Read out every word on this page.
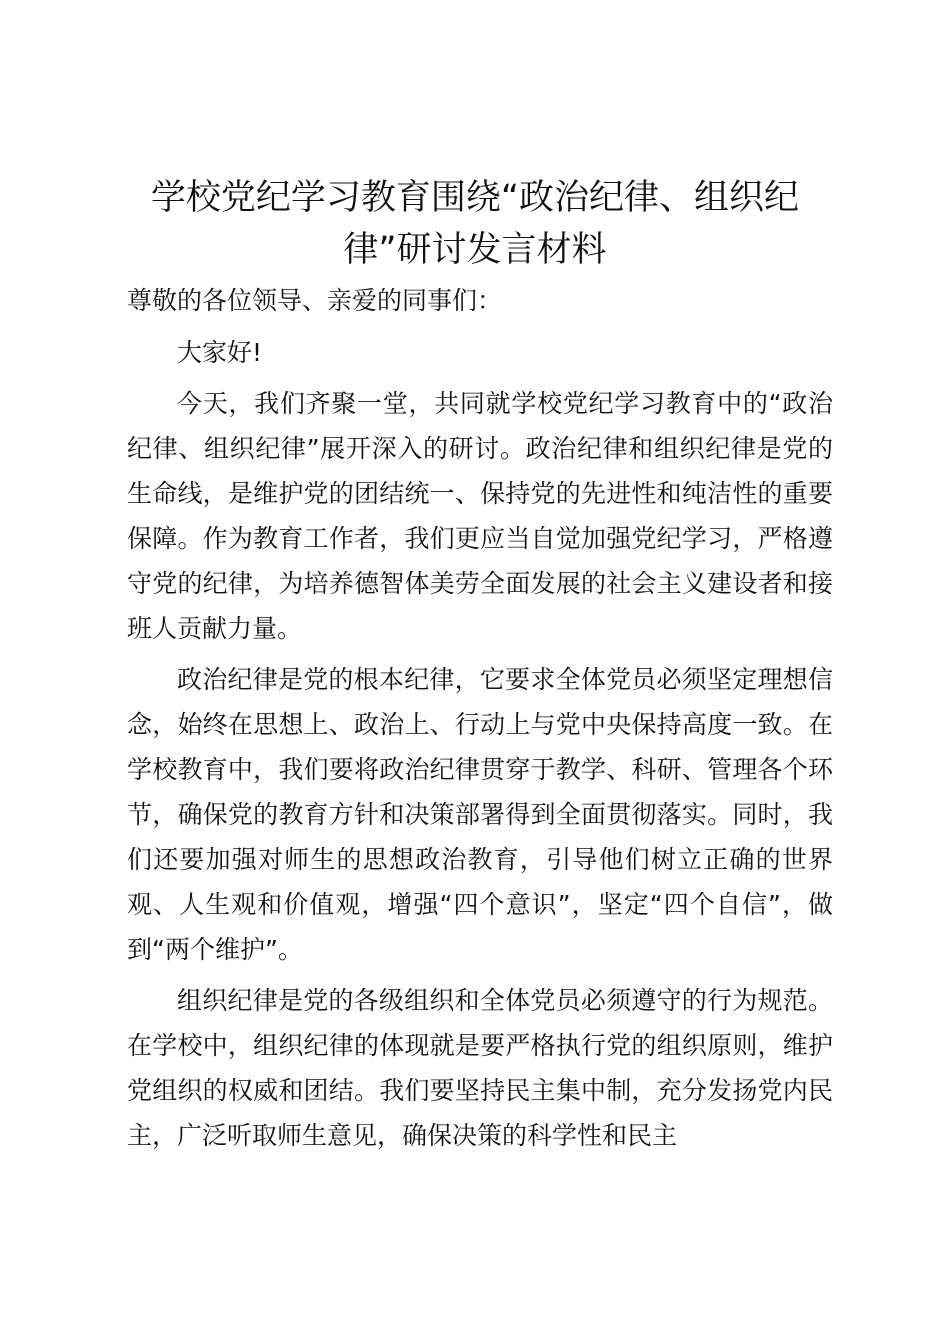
学校党纪学习教育围绕“政治纪律、组织纪律”研讨发言材料

尊敬的各位领导、亲爱的同事们：

大家好!

今天，我们齐聚一堂，共同就学校党纪学习教育中的“政治纪律、组织纪律”展开深入的研讨。政治纪律和组织纪律是党的生命线，是维护党的团结统一、保持党的先进性和纯洁性的重要保障。作为教育工作者，我们更应当自觉加强党纪学习，严格遵守党的纪律，为培养德智体美劳全面发展的社会主义建设者和接班人贡献力量。

政治纪律是党的根本纪律，它要求全体党员必须坚定理想信念，始终在思想上、政治上、行动上与党中央保持高度一致。在学校教育中，我们要将政治纪律贯穿于教学、科研、管理各个环节，确保党的教育方针和决策部署得到全面贯彻落实。同时，我们还要加强对师生的思想政治教育，引导他们树立正确的世界观、人生观和价值观，增强“四个意识”，坚定“四个自信”，做到“两个维护”。

组织纪律是党的各级组织和全体党员必须遵守的行为规范。在学校中，组织纪律的体现就是要严格执行党的组织原则，维护党组织的权威和团结。我们要坚持民主集中制，充分发扬党内民主，广泛听取师生意见，确保决策的科学性和民主
